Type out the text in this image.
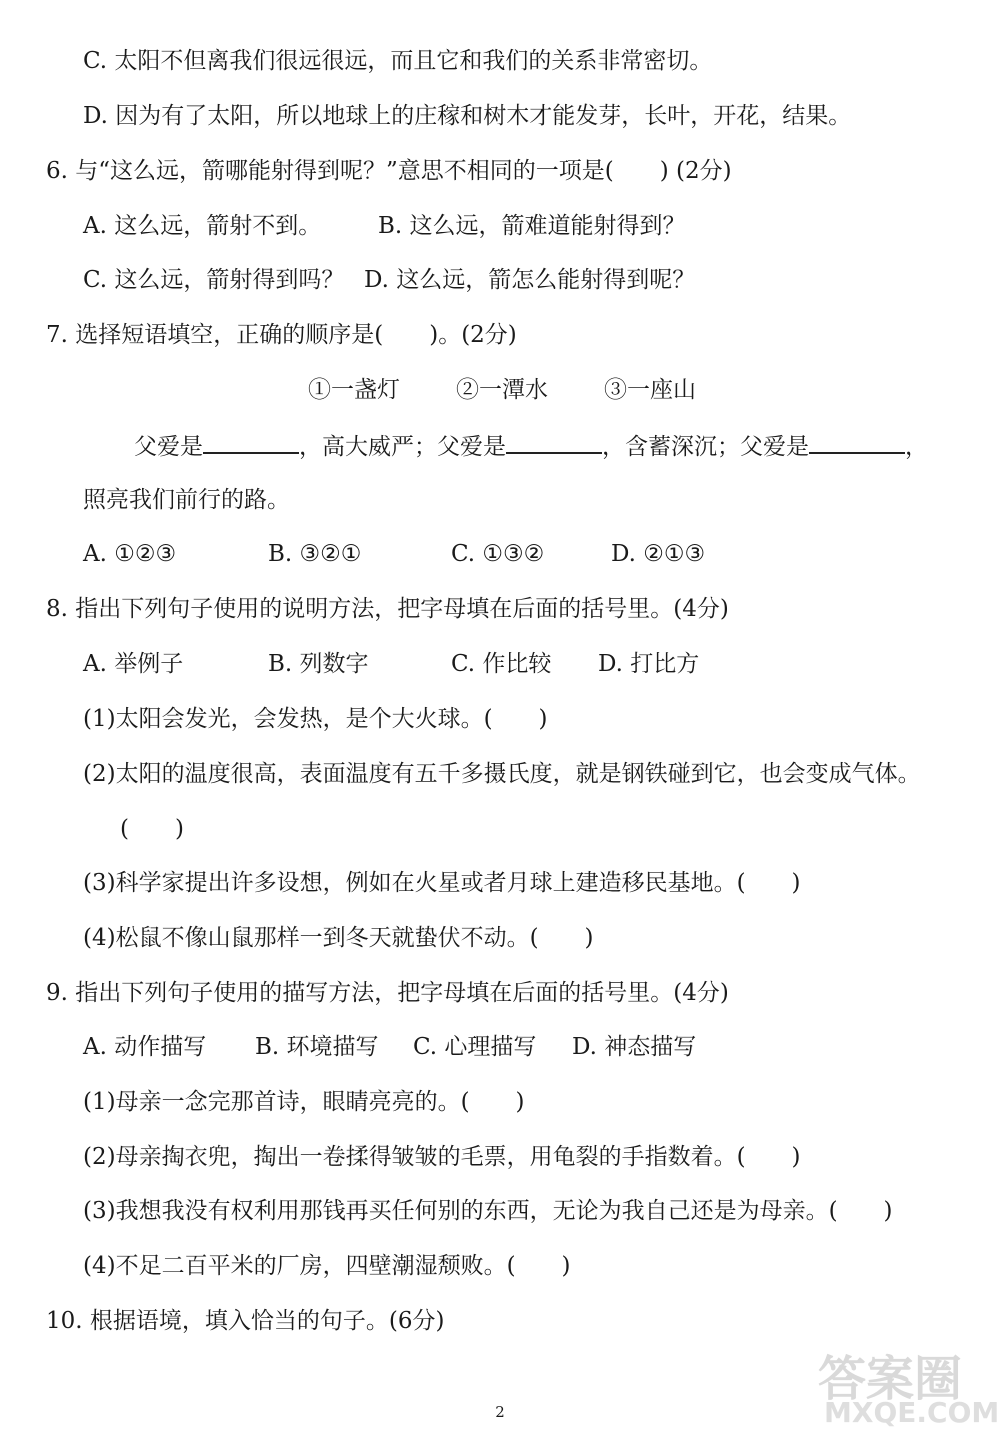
C. 太阳不但离我们很远很远，而且它和我们的关系非常密切。
D. 因为有了太阳，所以地球上的庄稼和树木才能发芽，长叶，开花，结果。
6. 与“这么远，箭哪能射得到呢？”意思不相同的一项是(　　) (2分)
A. 这么远，箭射不到。 B. 这么远，箭难道能射得到？
C. 这么远，箭射得到吗？ D. 这么远，箭怎么能射得到呢？
7. 选择短语填空，正确的顺序是(　　)。(2分)
①一盏灯 ②一潭水 ③一座山
父爱是	，高大威严；父爱是	，含蓄深沉；父爱是	，
照亮我们前行的路。
A. ①②③	B. ③②①	C. ①③②	D. ②①③
8. 指出下列句子使用的说明方法，把字母填在后面的括号里。(4分)
A. 举例子	B. 列数字	C. 作比较 D. 打比方
(1)太阳会发光，会发热，是个大火球。(　　)
(2)太阳的温度很高，表面温度有五千多摄氏度，就是钢铁碰到它，也会变成气体。
(　　)
(3)科学家提出许多设想，例如在火星或者月球上建造移民基地。(　　)
(4)松鼠不像山鼠那样一到冬天就蛰伏不动。(　　)
9. 指出下列句子使用的描写方法，把字母填在后面的括号里。(4分)
A. 动作描写 B. 环境描写 C. 心理描写 D. 神态描写
(1)母亲一念完那首诗，眼睛亮亮的。(　　)
(2)母亲掏衣兜，掏出一卷揉得皱皱的毛票，用龟裂的手指数着。(　　)
(3)我想我没有权利用那钱再买任何别的东西，无论为我自己还是为母亲。(　　)
(4)不足二百平米的厂房，四壁潮湿颓败。(　　)
10. 根据语境，填入恰当的句子。(6分)
2
答案圈
MXQE.COM
